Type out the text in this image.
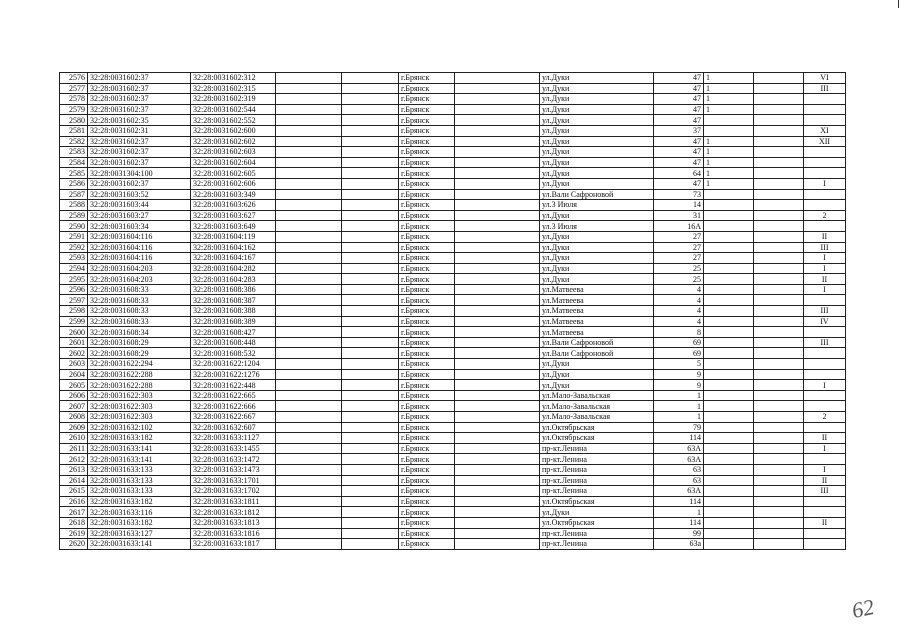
2576	32:28:0031602:37	32:28:0031602:312			г.Брянск		ул.Дуки	47	1		VI
2577	32:28:0031602:37	32:28:0031602:315			г.Брянск		ул.Дуки	47	1		III
2578	32:28:0031602:37	32:28:0031602:319			г.Брянск		ул.Дуки	47	1		
2579	32:28:0031602:37	32:28:0031602:544			г.Брянск		ул.Дуки	47	1		
2580	32:28:0031602:35	32:28:0031602:552			г.Брянск		ул.Дуки	47			
2581	32:28:0031602:31	32:28:0031602:600			г.Брянск		ул.Дуки	37			XI
2582	32:28:0031602:37	32:28:0031602:602			г.Брянск		ул.Дуки	47	1		XII
2583	32:28:0031602:37	32:28:0031602:603			г.Брянск		ул.Дуки	47	1		
2584	32:28:0031602:37	32:28:0031602:604			г.Брянск		ул.Дуки	47	1		
2585	32:28:0031304:100	32:28:0031602:605			г.Брянск		ул.Дуки	64	1		
2586	32:28:0031602:37	32:28:0031602:606			г.Брянск		ул.Дуки	47	1		I
2587	32:28:0031603:52	32:28:0031603:349			г.Брянск		ул.Вали Сафроновой	73			
2588	32:28:0031603:44	32:28:0031603:626			г.Брянск		ул.3 Июля	14			
2589	32:28:0031603:27	32:28:0031603:627			г.Брянск		ул.Дуки	31			2
2590	32:28:0031603:34	32:28:0031603:649			г.Брянск		ул.3 Июля	16А			
2591	32:28:0031604:116	32:28:0031604:119			г.Брянск		ул.Дуки	27			II
2592	32:28:0031604:116	32:28:0031604:162			г.Брянск		ул.Дуки	27			III
2593	32:28:0031604:116	32:28:0031604:167			г.Брянск		ул.Дуки	27			I
2594	32:28:0031604:203	32:28:0031604:282			г.Брянск		ул.Дуки	25			I
2595	32:28:0031604:203	32:28:0031604:283			г.Брянск		ул.Дуки	25			II
2596	32:28:0031608:33	32:28:0031608:386			г.Брянск		ул.Матвеева	4			I
2597	32:28:0031608:33	32:28:0031608:387			г.Брянск		ул.Матвеева	4			
2598	32:28:0031608:33	32:28:0031608:388			г.Брянск		ул.Матвеева	4			III
2599	32:28:0031608:33	32:28:0031608:389			г.Брянск		ул.Матвеева	4			IV
2600	32:28:0031608:34	32:28:0031608:427			г.Брянск		ул.Матвеева	8			
2601	32:28:0031608:29	32:28:0031608:448			г.Брянск		ул.Вали Сафроновой	69			III
2602	32:28:0031608:29	32:28:0031608:532			г.Брянск		ул.Вали Сафроновой	69			
2603	32:28:0031622:294	32:28:0031622:1204			г.Брянск		ул.Дуки	5			
2604	32:28:0031622:288	32:28:0031622:1276			г.Брянск		ул.Дуки	9			
2605	32:28:0031622:288	32:28:0031622:448			г.Брянск		ул.Дуки	9			I
2606	32:28:0031622:303	32:28:0031622:665			г.Брянск		ул.Мало-Завальская	1			
2607	32:28:0031622:303	32:28:0031622:666			г.Брянск		ул.Мало-Завальская	1			
2608	32:28:0031622:303	32:28:0031622:667			г.Брянск		ул.Мало-Завальская	1			2
2609	32:28:0031632:102	32:28:0031632:607			г.Брянск		ул.Октябрьская	79			
2610	32:28:0031633:182	32:28:0031633:1127			г.Брянск		ул.Октябрьская	114			II
2611	32:28:0031633:141	32:28:0031633:1455			г.Брянск		пр-кт.Ленина	63А			I
2612	32:28:0031633:141	32:28:0031633:1472			г.Брянск		пр-кт.Ленина	63А			
2613	32:28:0031633:133	32:28:0031633:1473			г.Брянск		пр-кт.Ленина	63			I
2614	32:28:0031633:133	32:28:0031633:1701			г.Брянск		пр-кт.Ленина	63			II
2615	32:28:0031633:133	32:28:0031633:1702			г.Брянск		пр-кт.Ленина	63А			III
2616	32:28:0031633:182	32:28:0031633:1811			г.Брянск		ул.Октябрьская	114			
2617	32:28:0031633:116	32:28:0031633:1812			г.Брянск		ул.Дуки	1			
2618	32:28:0031633:182	32:28:0031633:1813			г.Брянск		ул.Октябрьская	114			II
2619	32:28:0031633:127	32:28:0031633:1816			г.Брянск		пр-кт.Ленина	99			
2620	32:28:0031633:141	32:28:0031633:1817			г.Брянск		пр-кт.Ленина	63а			
62
